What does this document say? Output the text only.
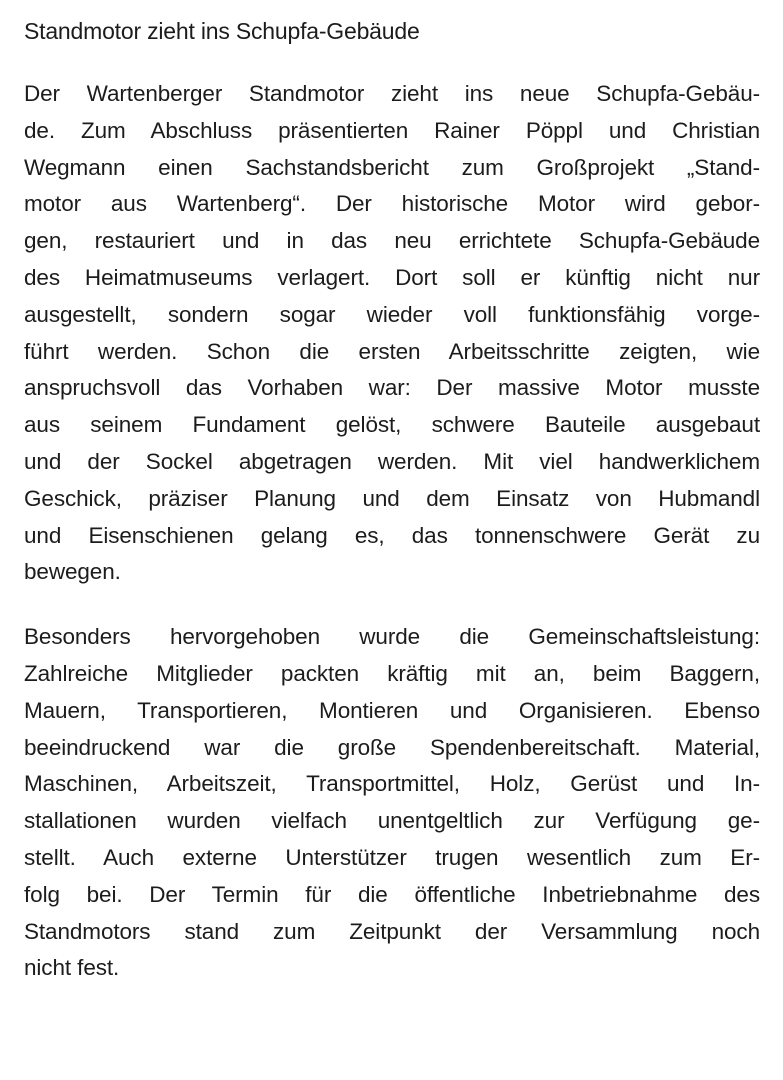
Standmotor zieht ins Schupfa-Gebäude

Der Wartenberger Standmotor zieht ins neue Schupfa-Gebäu-
de. Zum Abschluss präsentierten Rainer Pöppl und Christian
Wegmann einen Sachstandsbericht zum Großprojekt „Stand-
motor aus Wartenberg“. Der historische Motor wird gebor-
gen, restauriert und in das neu errichtete Schupfa-Gebäude
des Heimatmuseums verlagert. Dort soll er künftig nicht nur
ausgestellt, sondern sogar wieder voll funktionsfähig vorge-
führt werden. Schon die ersten Arbeitsschritte zeigten, wie
anspruchsvoll das Vorhaben war: Der massive Motor musste
aus seinem Fundament gelöst, schwere Bauteile ausgebaut
und der Sockel abgetragen werden. Mit viel handwerklichem
Geschick, präziser Planung und dem Einsatz von Hubmandl
und Eisenschienen gelang es, das tonnenschwere Gerät zu
bewegen.

Besonders hervorgehoben wurde die Gemeinschaftsleistung:
Zahlreiche Mitglieder packten kräftig mit an, beim Baggern,
Mauern, Transportieren, Montieren und Organisieren. Ebenso
beeindruckend war die große Spendenbereitschaft. Material,
Maschinen, Arbeitszeit, Transportmittel, Holz, Gerüst und In-
stallationen wurden vielfach unentgeltlich zur Verfügung ge-
stellt. Auch externe Unterstützer trugen wesentlich zum Er-
folg bei. Der Termin für die öffentliche Inbetriebnahme des
Standmotors stand zum Zeitpunkt der Versammlung noch
nicht fest.
